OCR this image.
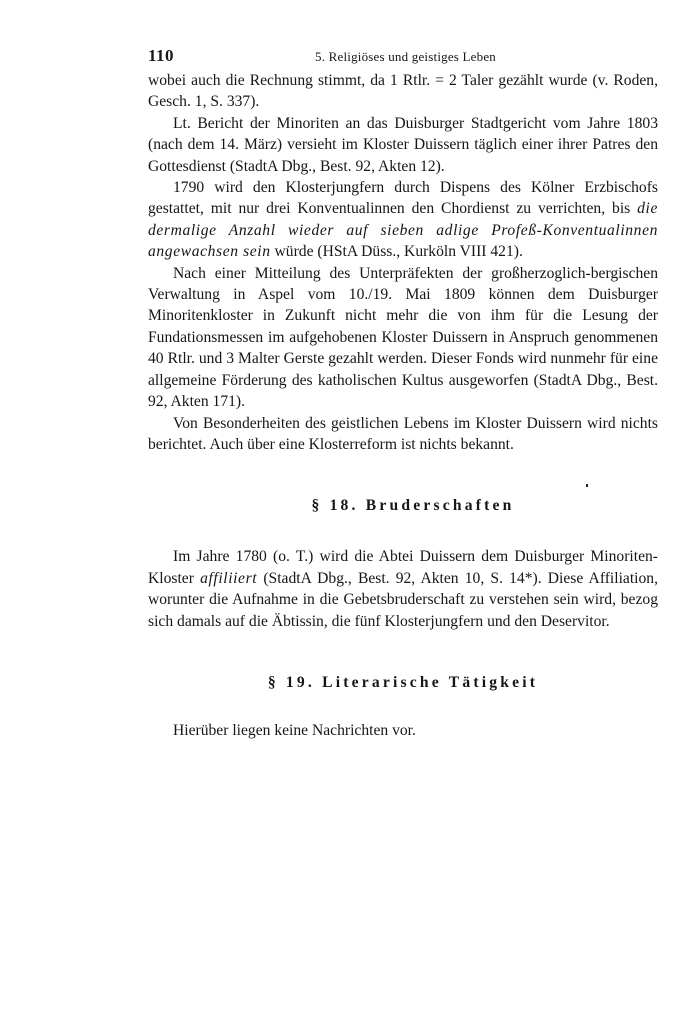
110	5. Religiöses und geistiges Leben

wobei auch die Rechnung stimmt, da 1 Rtlr. = 2 Taler gezählt wurde (v. Roden, Gesch. 1, S. 337).

Lt. Bericht der Minoriten an das Duisburger Stadtgericht vom Jahre 1803 (nach dem 14. März) versieht im Kloster Duissern täglich einer ihrer Patres den Gottesdienst (StadtA Dbg., Best. 92, Akten 12).

1790 wird den Klosterjungfern durch Dispens des Kölner Erzbischofs gestattet, mit nur drei Konventualinnen den Chordienst zu verrichten, bis die dermalige Anzahl wieder auf sieben adlige Profeß-Konventualinnen angewachsen sein würde (HStA Düss., Kurköln VIII 421).

Nach einer Mitteilung des Unterpräfekten der großherzoglich-bergischen Verwaltung in Aspel vom 10./19. Mai 1809 können dem Duisburger Minoritenkloster in Zukunft nicht mehr die von ihm für die Lesung der Fundationsmessen im aufgehobenen Kloster Duissern in Anspruch genommenen 40 Rtlr. und 3 Malter Gerste gezahlt werden. Dieser Fonds wird nunmehr für eine allgemeine Förderung des katholischen Kultus ausgeworfen (StadtA Dbg., Best. 92, Akten 171).

Von Besonderheiten des geistlichen Lebens im Kloster Duissern wird nichts berichtet. Auch über eine Klosterreform ist nichts bekannt.

§ 18. Bruderschaften

Im Jahre 1780 (o. T.) wird die Abtei Duissern dem Duisburger Minoriten-Kloster affiliiert (StadtA Dbg., Best. 92, Akten 10, S. 14*). Diese Affiliation, worunter die Aufnahme in die Gebetsbruderschaft zu verstehen sein wird, bezog sich damals auf die Äbtissin, die fünf Klosterjungfern und den Deservitor.

§ 19. Literarische Tätigkeit

Hierüber liegen keine Nachrichten vor.
